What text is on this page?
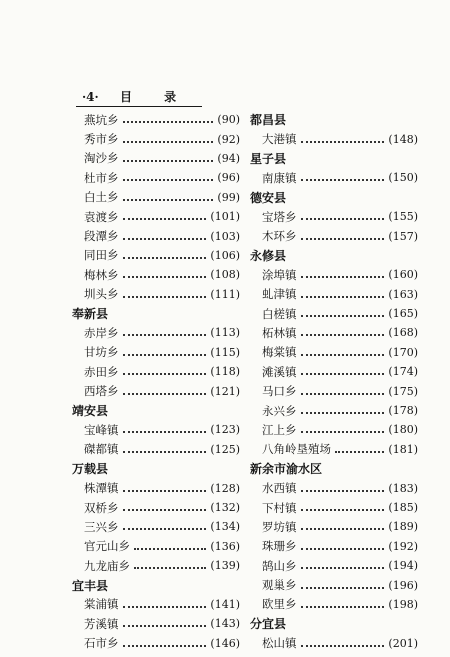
·4· 目 录
燕坑乡	(90)
秀市乡	(92)
淘沙乡	(94)
杜市乡	(96)
白土乡	(99)
袁渡乡	(101)
段潭乡	(103)
同田乡	(106)
梅林乡	(108)
圳头乡	(111)
奉新县
赤岸乡	(113)
甘坊乡	(115)
赤田乡	(118)
西塔乡	(121)
靖安县
宝峰镇	(123)
磔都镇	(125)
万载县
株潭镇	(128)
双桥乡	(132)
三兴乡	(134)
官元山乡	(136)
九龙庙乡	(139)
宜丰县
棠浦镇	(141)
芳溪镇	(143)
石市乡	(146)
都昌县
大港镇	(148)
星子县
南康镇	(150)
德安县
宝塔乡	(155)
木环乡	(157)
永修县
涂埠镇	(160)
虬津镇	(163)
白槎镇	(165)
柘林镇	(168)
梅棠镇	(170)
滩溪镇	(174)
马口乡	(175)
永兴乡	(178)
江上乡	(180)
八角岭垦殖场	(181)
新余市渝水区
水西镇	(183)
下村镇	(185)
罗坊镇	(189)
珠珊乡	(192)
鹄山乡	(194)
观巢乡	(196)
欧里乡	(198)
分宜县
松山镇	(201)
